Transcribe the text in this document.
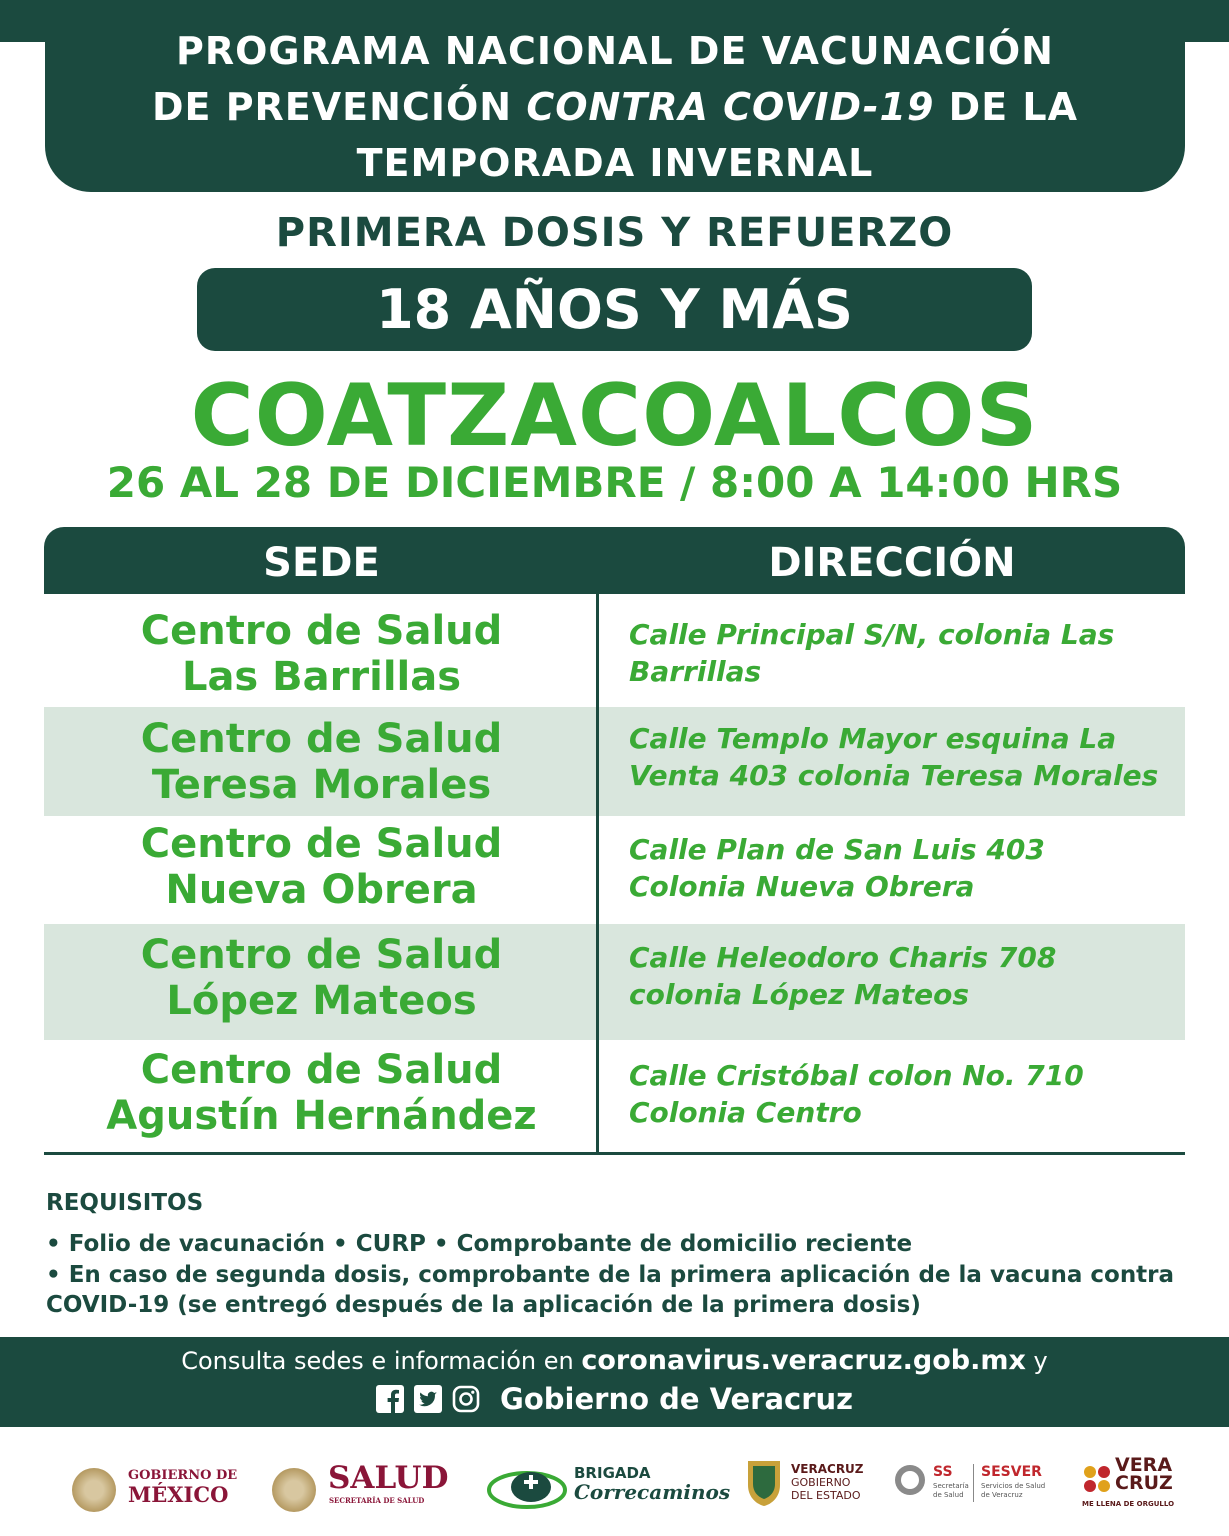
PROGRAMA NACIONAL DE VACUNACIÓN
DE PREVENCIÓN CONTRA COVID-19 DE LA
TEMPORADA INVERNAL
PRIMERA DOSIS Y REFUERZO
18 AÑOS Y MÁS
COATZACOALCOS
26 AL 28 DE DICIEMBRE / 8:00 A 14:00 HRS
SEDE	DIRECCIÓN
Centro de Salud
Las Barrillas
Calle Principal S/N, colonia Las
Barrillas
Centro de Salud
Teresa Morales
Calle Templo Mayor esquina La
Venta 403 colonia Teresa Morales
Centro de Salud
Nueva Obrera
Calle Plan de San Luis 403
Colonia Nueva Obrera
Centro de Salud
López Mateos
Calle Heleodoro Charis 708
colonia López Mateos
Centro de Salud
Agustín Hernández
Calle Cristóbal colon No. 710
Colonia Centro
REQUISITOS
• Folio de vacunación • CURP • Comprobante de domicilio reciente
• En caso de segunda dosis, comprobante de la primera aplicación de la vacuna contra
COVID-19 (se entregó después de la aplicación de la primera dosis)
Consulta sedes e información en coronavirus.veracruz.gob.mx y
Gobierno de Veracruz
GOBIERNO DE
MÉXICO	SALUD
SECRETARÍA DE SALUD
BRIGADA
Correcaminos
VERACRUZ
GOBIERNO
DEL ESTADO
SS
Secretaría
de Salud
SESVER
Servicios de Salud
de Veracruz
VERA
CRUZ
ME LLENA DE ORGULLO
